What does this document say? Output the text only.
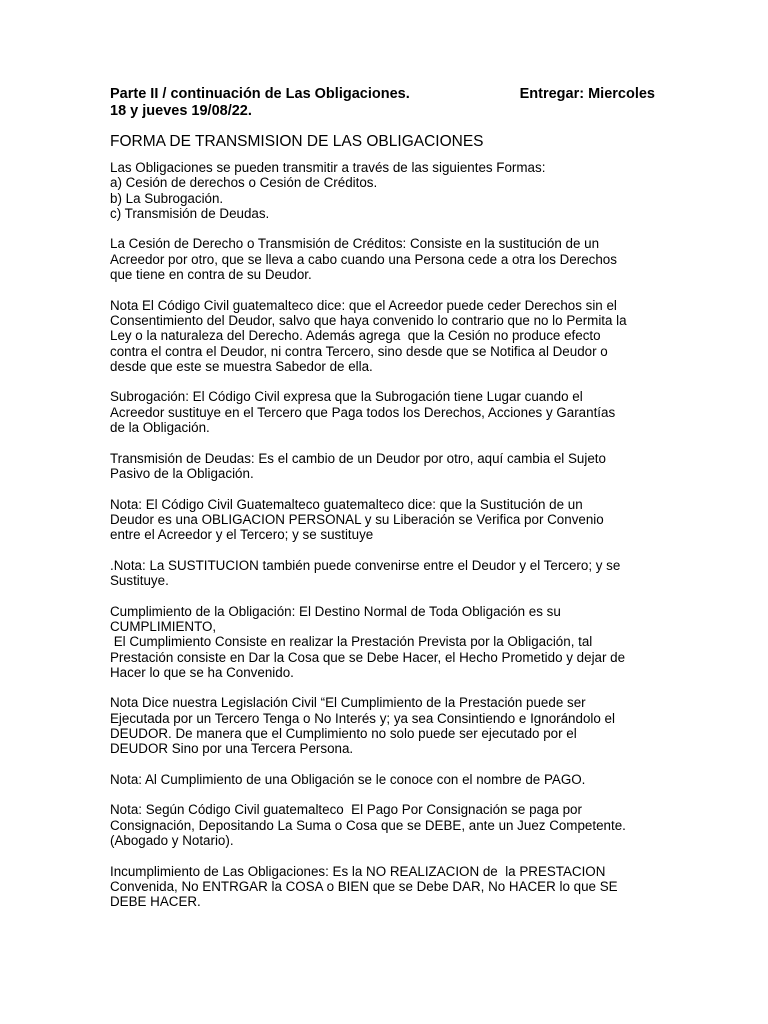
Parte II / continuación de Las Obligaciones.	Entregar: Miercoles
18 y jueves 19/08/22.
FORMA DE TRANSMISION DE LAS OBLIGACIONES
Las Obligaciones se pueden transmitir a través de las siguientes Formas:
a) Cesión de derechos o Cesión de Créditos.
b) La Subrogación.
c) Transmisión de Deudas.
La Cesión de Derecho o Transmisión de Créditos: Consiste en la sustitución de un
Acreedor por otro, que se lleva a cabo cuando una Persona cede a otra los Derechos
que tiene en contra de su Deudor.
Nota El Código Civil guatemalteco dice: que el Acreedor puede ceder Derechos sin el
Consentimiento del Deudor, salvo que haya convenido lo contrario que no lo Permita la
Ley o la naturaleza del Derecho. Además agrega  que la Cesión no produce efecto
contra el contra el Deudor, ni contra Tercero, sino desde que se Notifica al Deudor o
desde que este se muestra Sabedor de ella.
Subrogación: El Código Civil expresa que la Subrogación tiene Lugar cuando el
Acreedor sustituye en el Tercero que Paga todos los Derechos, Acciones y Garantías
de la Obligación.
Transmisión de Deudas: Es el cambio de un Deudor por otro, aquí cambia el Sujeto
Pasivo de la Obligación.
Nota: El Código Civil Guatemalteco guatemalteco dice: que la Sustitución de un
Deudor es una OBLIGACION PERSONAL y su Liberación se Verifica por Convenio
entre el Acreedor y el Tercero; y se sustituye
.Nota: La SUSTITUCION también puede convenirse entre el Deudor y el Tercero; y se
Sustituye.
Cumplimiento de la Obligación: El Destino Normal de Toda Obligación es su
CUMPLIMIENTO,
El Cumplimiento Consiste en realizar la Prestación Prevista por la Obligación, tal
Prestación consiste en Dar la Cosa que se Debe Hacer, el Hecho Prometido y dejar de
Hacer lo que se ha Convenido.
Nota Dice nuestra Legislación Civil “El Cumplimiento de la Prestación puede ser
Ejecutada por un Tercero Tenga o No Interés y; ya sea Consintiendo e Ignorándolo el
DEUDOR. De manera que el Cumplimiento no solo puede ser ejecutado por el
DEUDOR Sino por una Tercera Persona.
Nota: Al Cumplimiento de una Obligación se le conoce con el nombre de PAGO.
Nota: Según Código Civil guatemalteco  El Pago Por Consignación se paga por
Consignación, Depositando La Suma o Cosa que se DEBE, ante un Juez Competente.
(Abogado y Notario).
Incumplimiento de Las Obligaciones: Es la NO REALIZACION de  la PRESTACION
Convenida, No ENTRGAR la COSA o BIEN que se Debe DAR, No HACER lo que SE
DEBE HACER.
